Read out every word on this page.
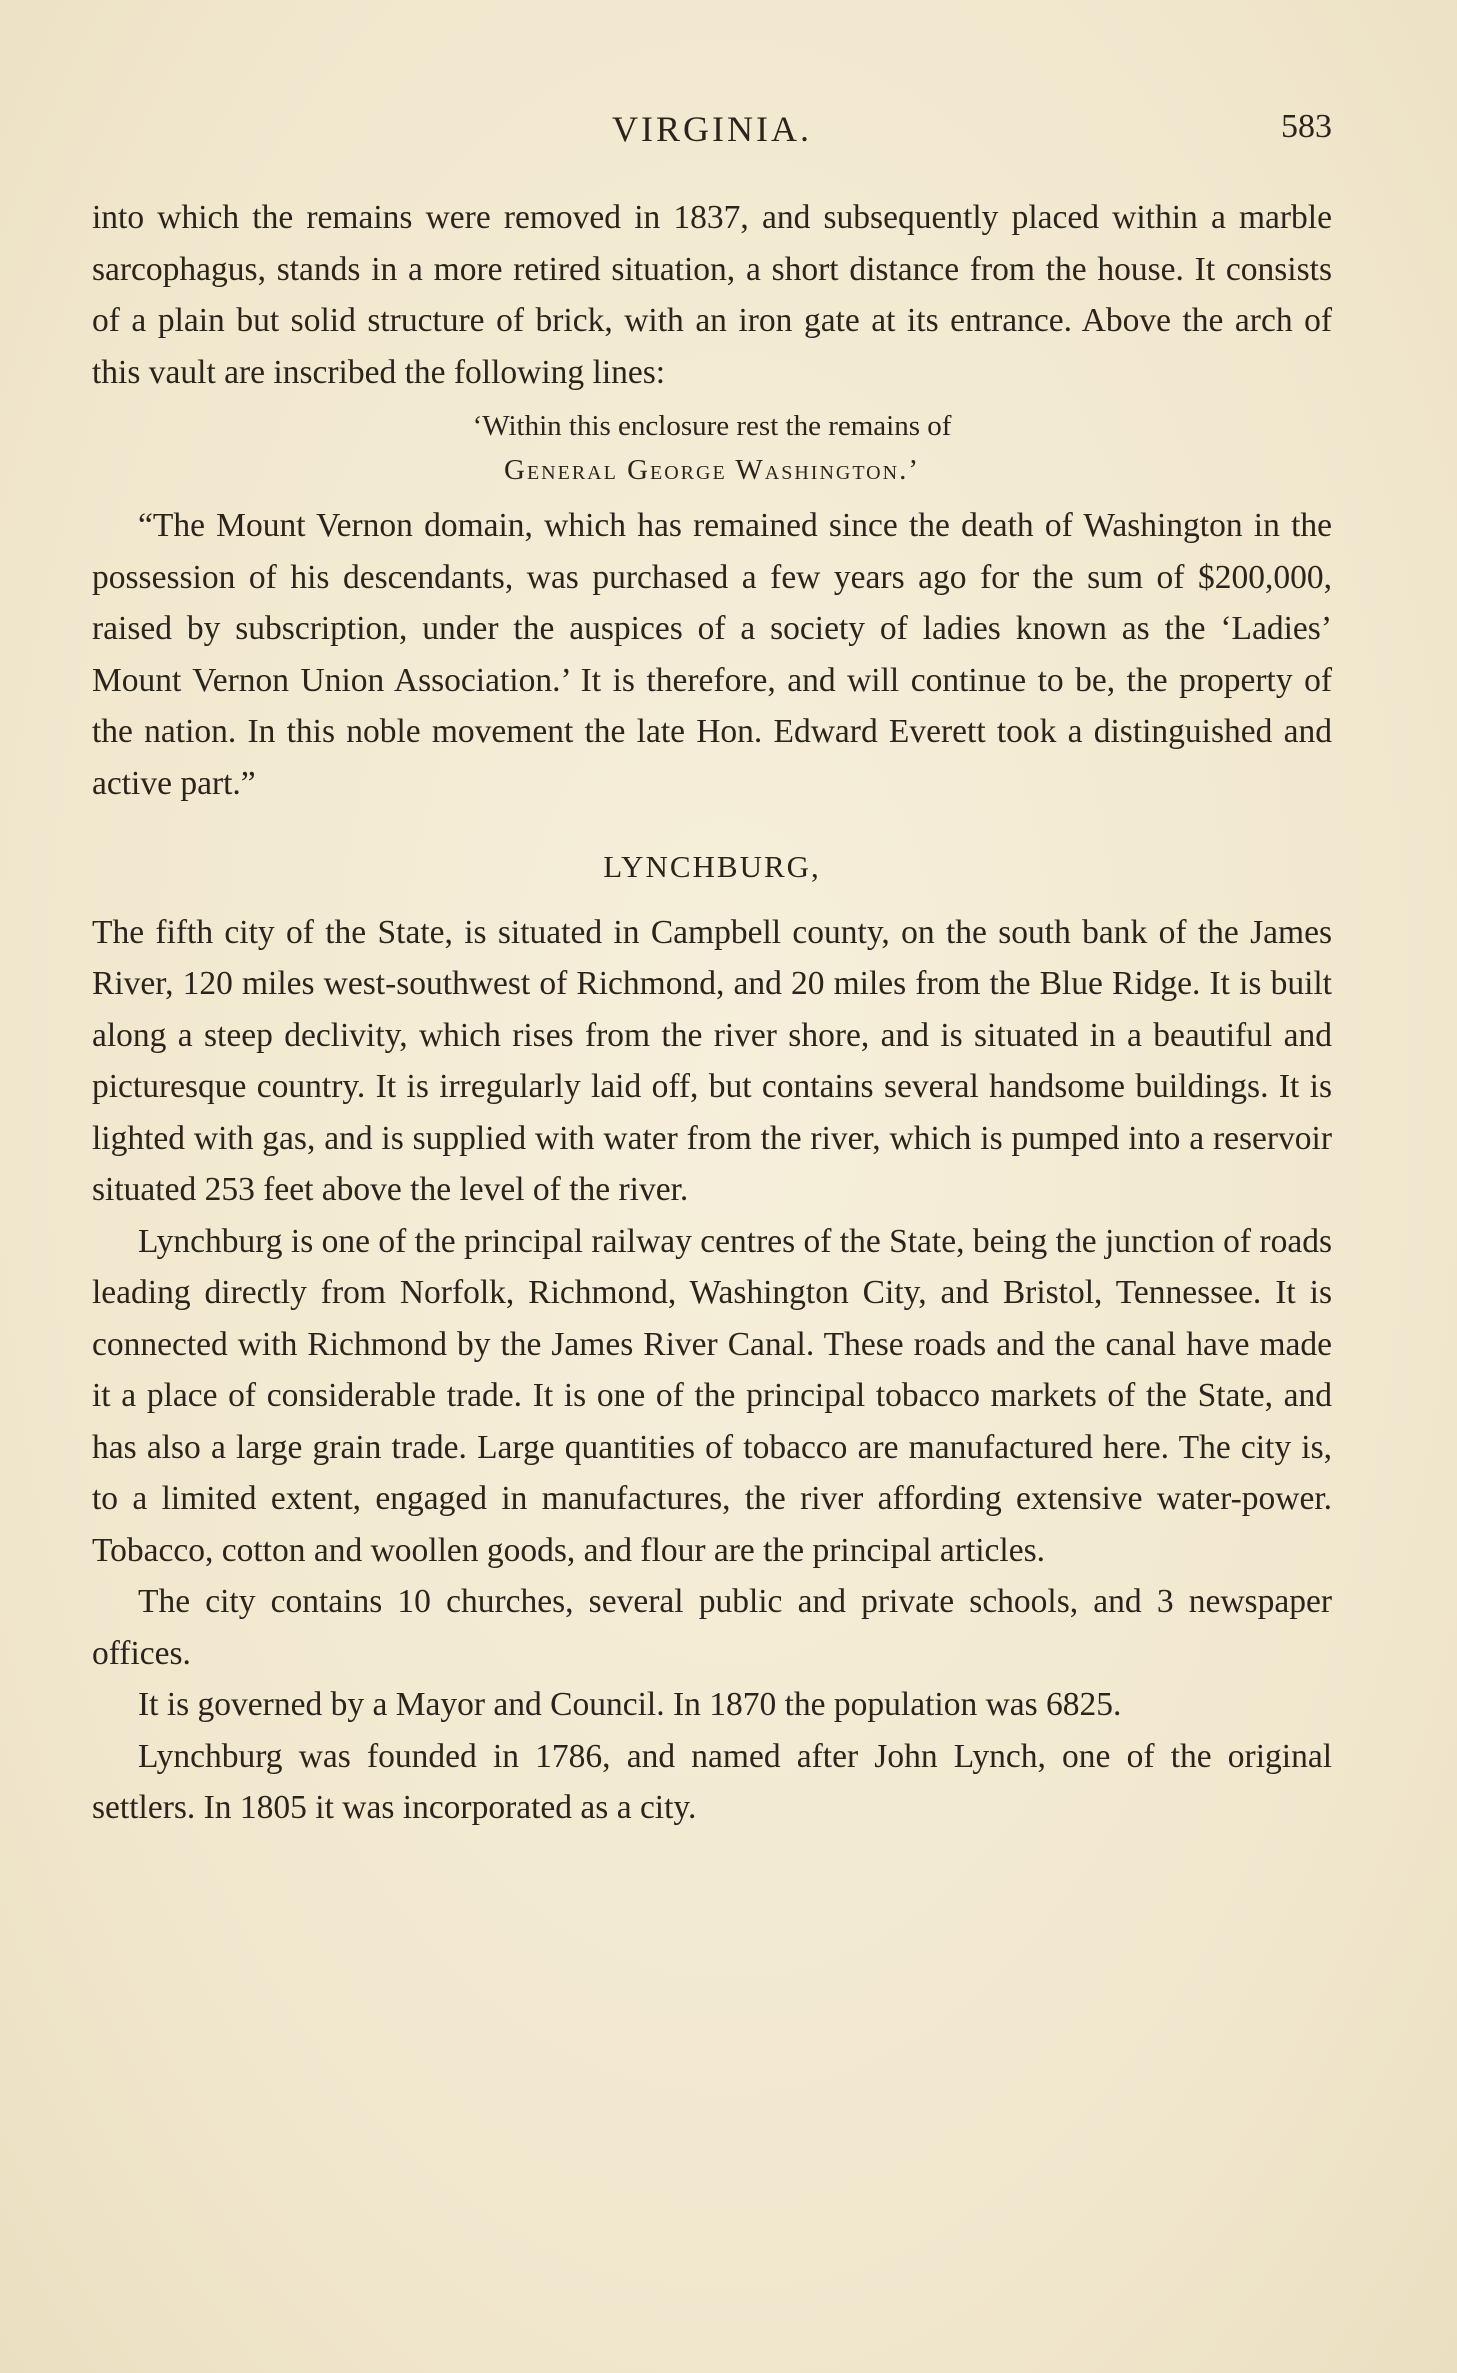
VIRGINIA.	583

into which the remains were removed in 1837, and subsequently placed within a marble sarcophagus, stands in a more retired situation, a short distance from the house. It consists of a plain but solid structure of brick, with an iron gate at its entrance. Above the arch of this vault are inscribed the following lines:

‘Within this enclosure rest the remains of
General George Washington.’

“The Mount Vernon domain, which has remained since the death of Washington in the possession of his descendants, was purchased a few years ago for the sum of $200,000, raised by subscription, under the auspices of a society of ladies known as the ‘Ladies’ Mount Vernon Union Association.’ It is therefore, and will continue to be, the property of the nation. In this noble movement the late Hon. Edward Everett took a distinguished and active part.”

LYNCHBURG,

The fifth city of the State, is situated in Campbell county, on the south bank of the James River, 120 miles west-southwest of Richmond, and 20 miles from the Blue Ridge. It is built along a steep declivity, which rises from the river shore, and is situated in a beautiful and picturesque country. It is irregularly laid off, but contains several handsome buildings. It is lighted with gas, and is supplied with water from the river, which is pumped into a reservoir situated 253 feet above the level of the river.

Lynchburg is one of the principal railway centres of the State, being the junction of roads leading directly from Norfolk, Richmond, Washington City, and Bristol, Tennessee. It is connected with Richmond by the James River Canal. These roads and the canal have made it a place of considerable trade. It is one of the principal tobacco markets of the State, and has also a large grain trade. Large quantities of tobacco are manufactured here. The city is, to a limited extent, engaged in manufactures, the river affording extensive water-power. Tobacco, cotton and woollen goods, and flour are the principal articles.

The city contains 10 churches, several public and private schools, and 3 newspaper offices.

It is governed by a Mayor and Council. In 1870 the population was 6825.

Lynchburg was founded in 1786, and named after John Lynch, one of the original settlers. In 1805 it was incorporated as a city.
